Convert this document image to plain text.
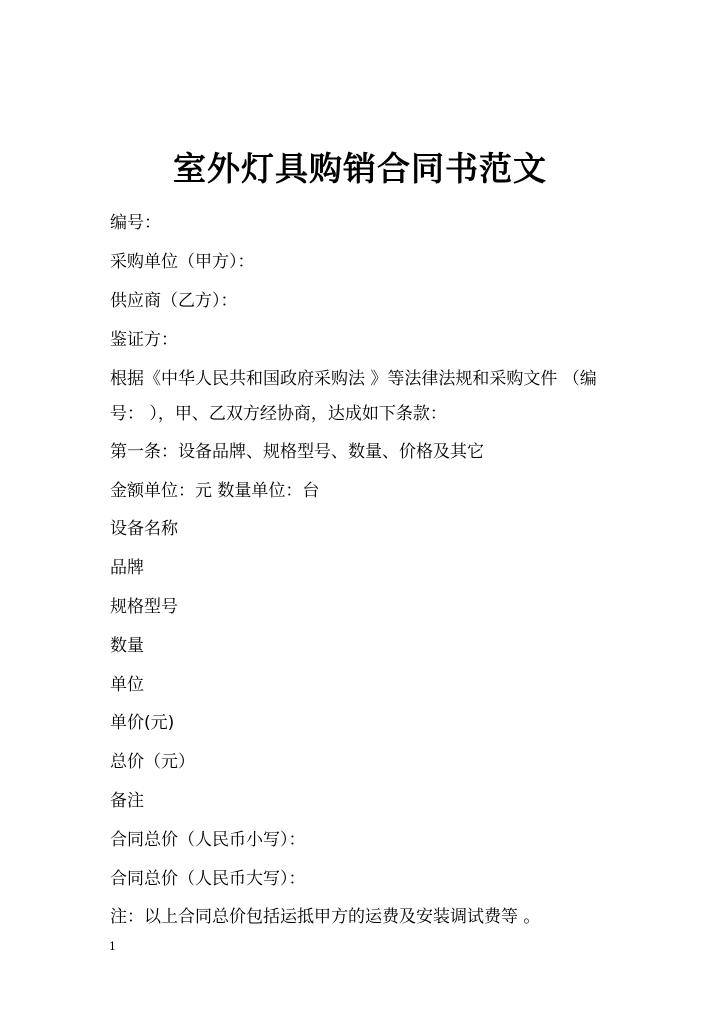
室外灯具购销合同书范文
编号：
采购单位（甲方）：
供应商（乙方）：
鉴证方：
根据《中华人民共和国政府采购法 》等法律法规和采购文件 （编
号： ），甲、乙双方经协商，达成如下条款：
第一条：设备品牌、规格型号、数量、价格及其它
金额单位：元 数量单位：台
设备名称
品牌
规格型号
数量
单位
单价(元)
总价（元）
备注
合同总价（人民币小写）：
合同总价（人民币大写）：
注：以上合同总价包括运抵甲方的运费及安装调试费等 。
1
